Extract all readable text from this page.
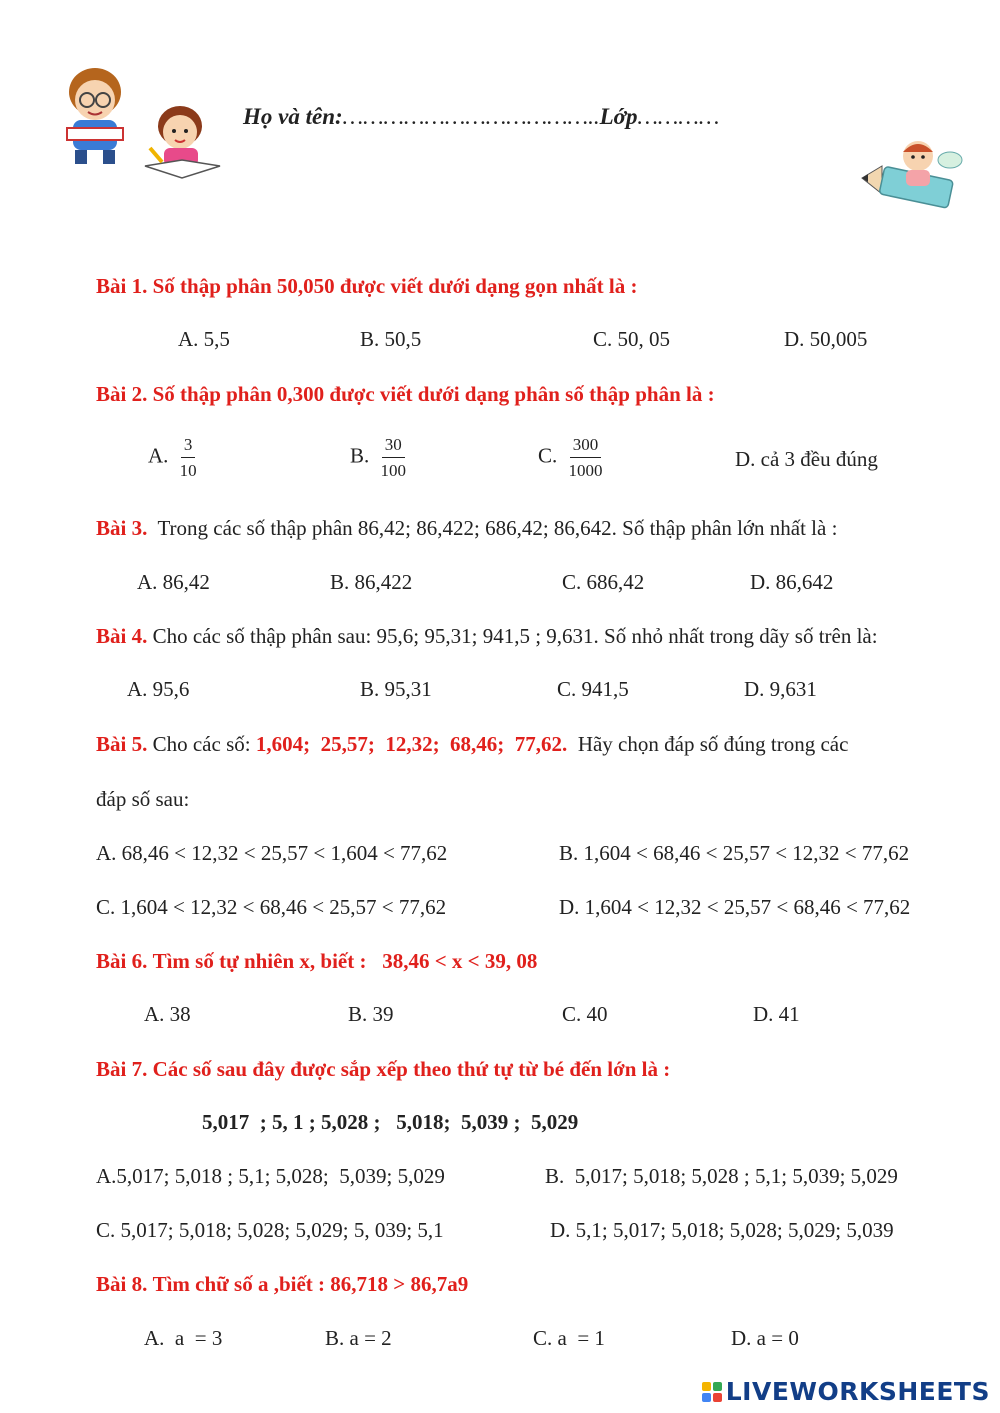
Họ và tên:………………………………..Lớp…………
Bài 1. Số thập phân 50,050 được viết dưới dạng gọn nhất là :
A. 5,5	B. 50,5	C. 50, 05	D. 50,005
Bài 2. Số thập phân 0,300 được viết dưới dạng phân số thập phân là :
A. $\frac{3}{10}$	B. $\frac{30}{100}$	C. $\frac{300}{1000}$	D. cả 3 đều đúng
Bài 3. Trong các số thập phân 86,42; 86,422; 686,42; 86,642. Số thập phân lớn nhất là :
A. 86,42	B. 86,422	C. 686,42	D. 86,642
Bài 4. Cho các số thập phân sau: 95,6; 95,31; 941,5 ; 9,631. Số nhỏ nhất trong dãy số trên là:
A. 95,6	B. 95,31	C. 941,5	D. 9,631
Bài 5. Cho các số: 1,604;  25,57;  12,32;  68,46;  77,62. Hãy chọn đáp số đúng trong các
đáp số sau:
A. 68,46 < 12,32 < 25,57 < 1,604 < 77,62	B. 1,604 < 68,46 < 25,57 < 12,32 < 77,62
C. 1,604 < 12,32 < 68,46 < 25,57 < 77,62	D. 1,604 < 12,32 < 25,57 < 68,46 < 77,62
Bài 6. Tìm số tự nhiên x, biết :   38,46 < x < 39, 08
A. 38	B. 39	C. 40	D. 41
Bài 7. Các số sau đây được sắp xếp theo thứ tự từ bé đến lớn là :
5,017  ; 5, 1 ; 5,028 ;   5,018;  5,039 ;  5,029
A.5,017; 5,018 ; 5,1; 5,028;  5,039; 5,029	B.  5,017; 5,018; 5,028 ; 5,1; 5,039; 5,029
C. 5,017; 5,018; 5,028; 5,029; 5, 039; 5,1	D. 5,1; 5,017; 5,018; 5,028; 5,029; 5,039
Bài 8. Tìm chữ số a ,biết : 86,718 > 86,7a9
A.  a  = 3	B. a = 2	C. a  = 1	D. a = 0
LIVEWORKSHEETS
